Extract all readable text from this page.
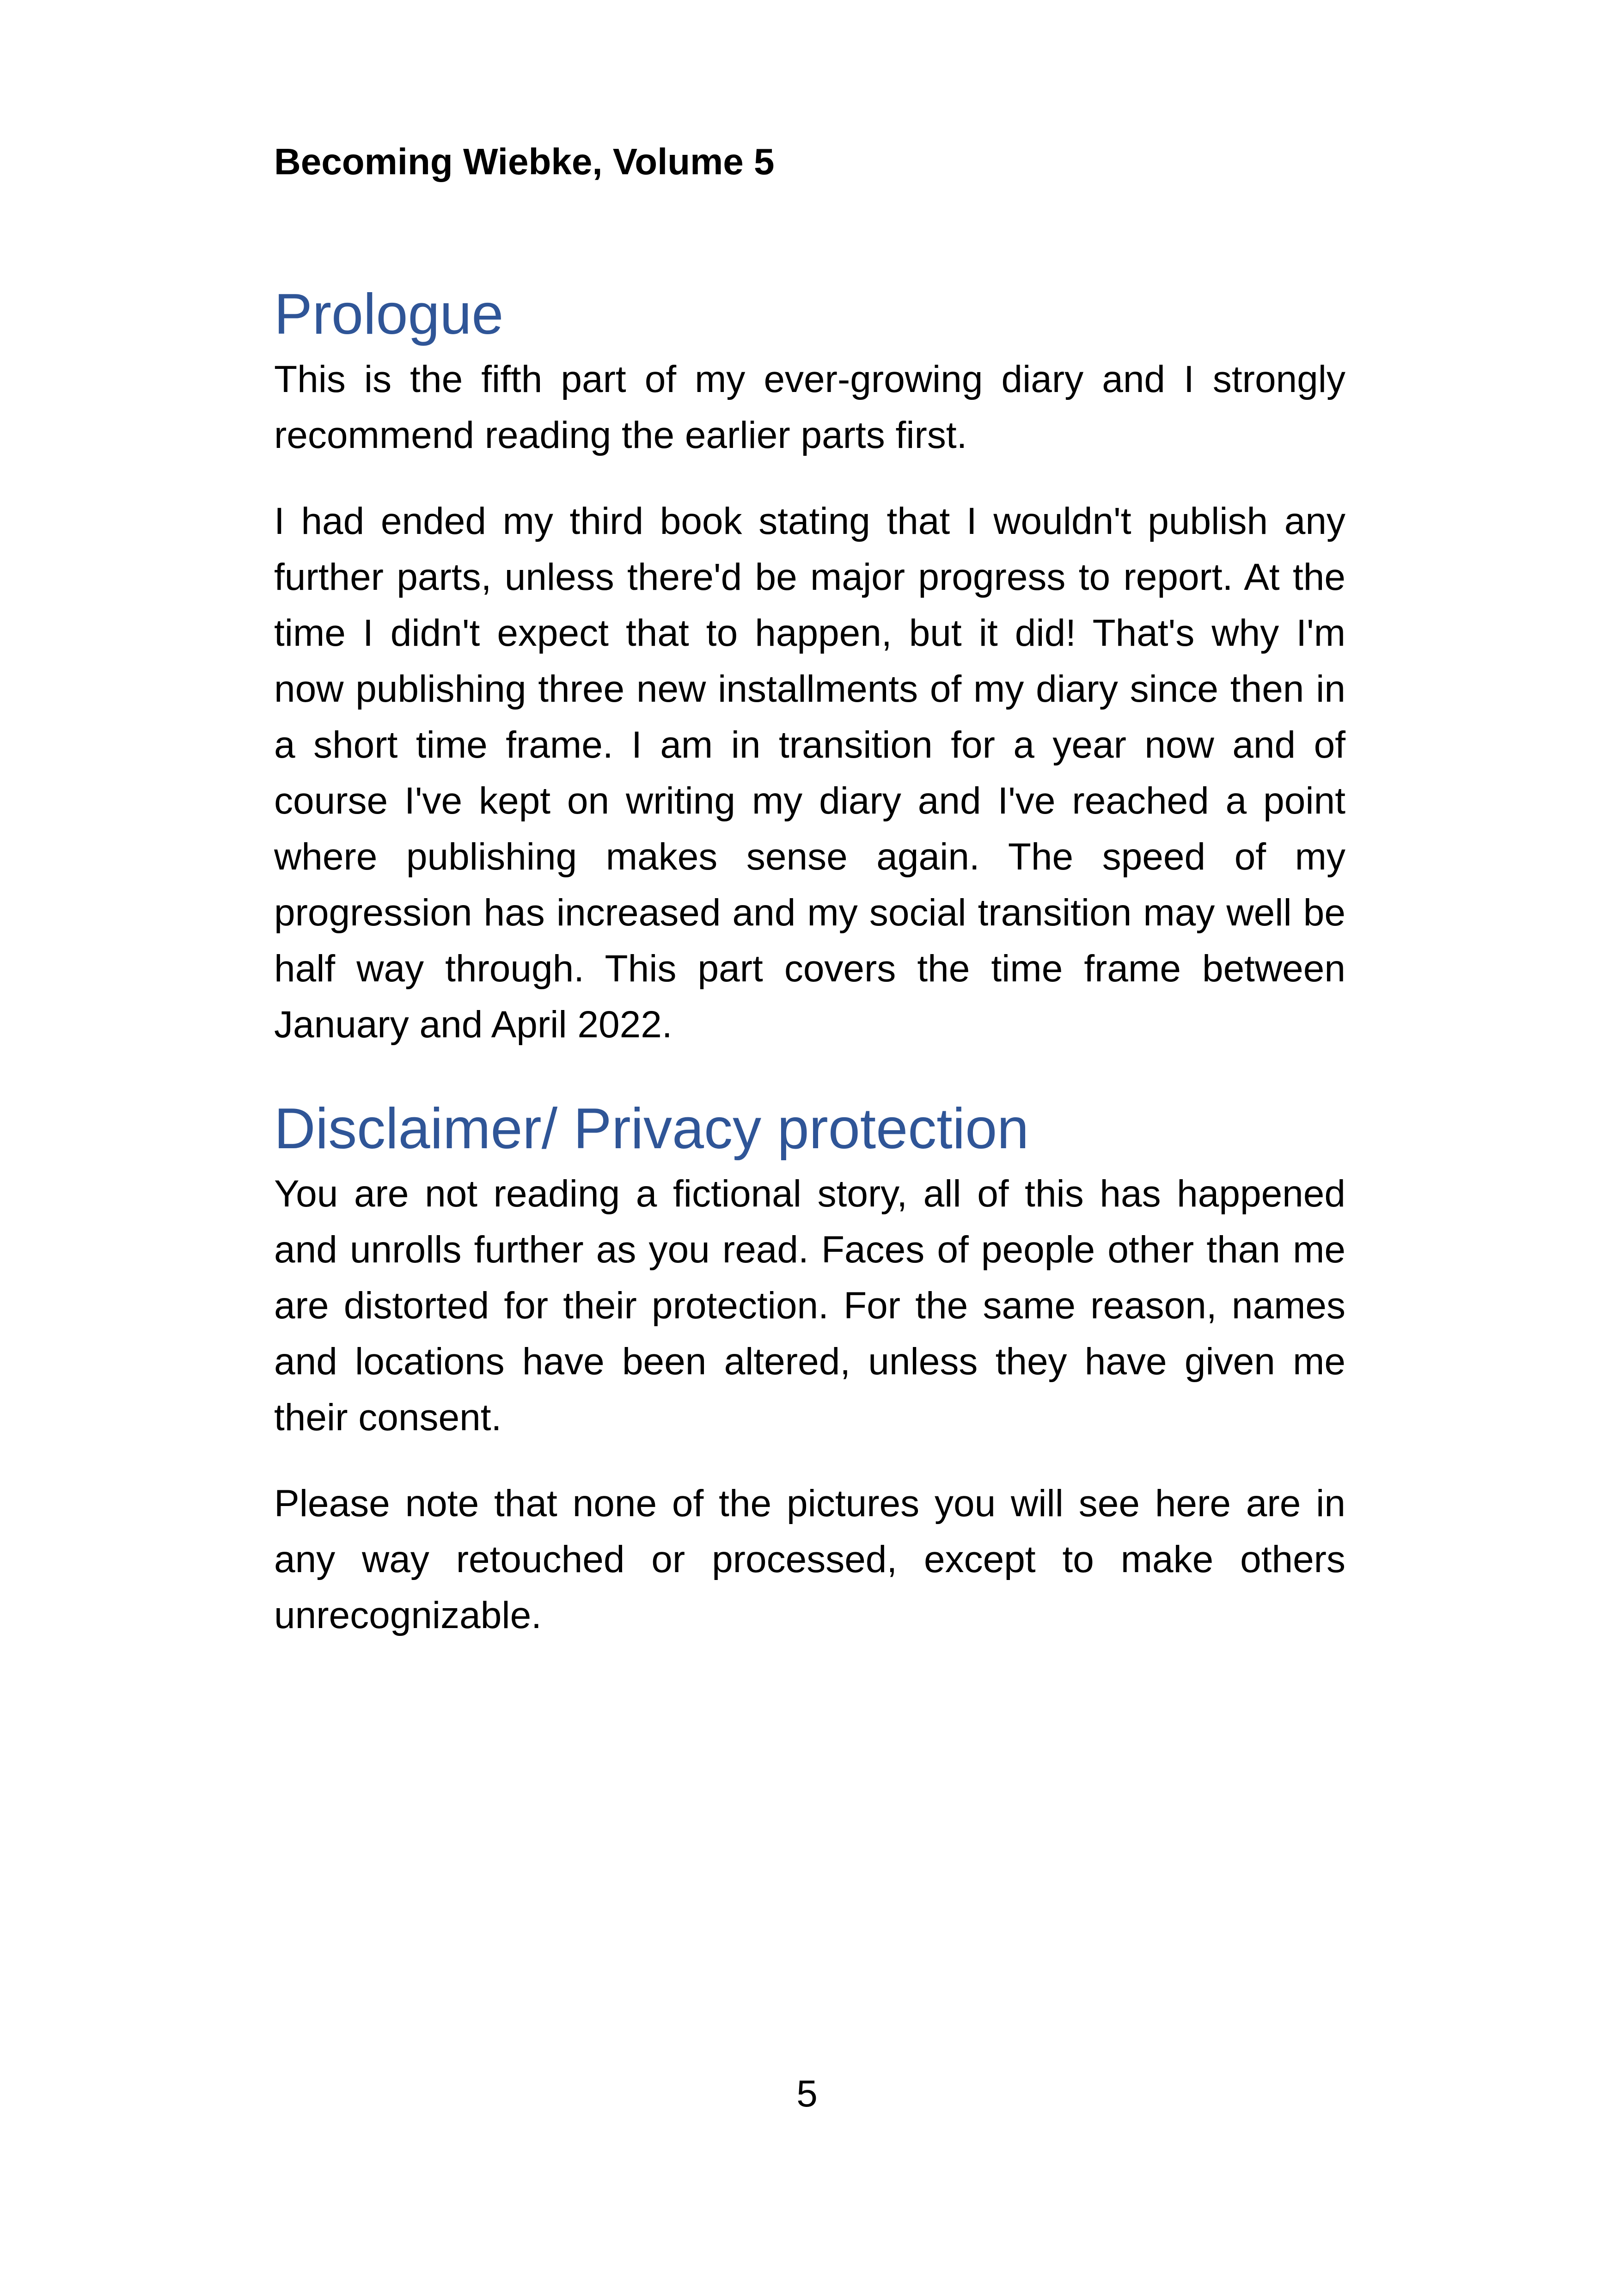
Becoming Wiebke, Volume 5
Prologue

This is the fifth part of my ever-growing diary and I strongly recommend reading the earlier parts first.

I had ended my third book stating that I wouldn't publish any further parts, unless there'd be major progress to report. At the time I didn't expect that to happen, but it did! That's why I'm now publishing three new installments of my diary since then in a short time frame. I am in transition for a year now and of course I've kept on writing my diary and I've reached a point where publishing makes sense again. The speed of my progression has increased and my social transition may well be half way through. This part covers the time frame between January and April 2022.

Disclaimer/ Privacy protection

You are not reading a fictional story, all of this has happened and unrolls further as you read. Faces of people other than me are distorted for their protection. For the same reason, names and locations have been altered, unless they have given me their consent.

Please note that none of the pictures you will see here are in any way retouched or processed, except to make others unrecognizable.

5
